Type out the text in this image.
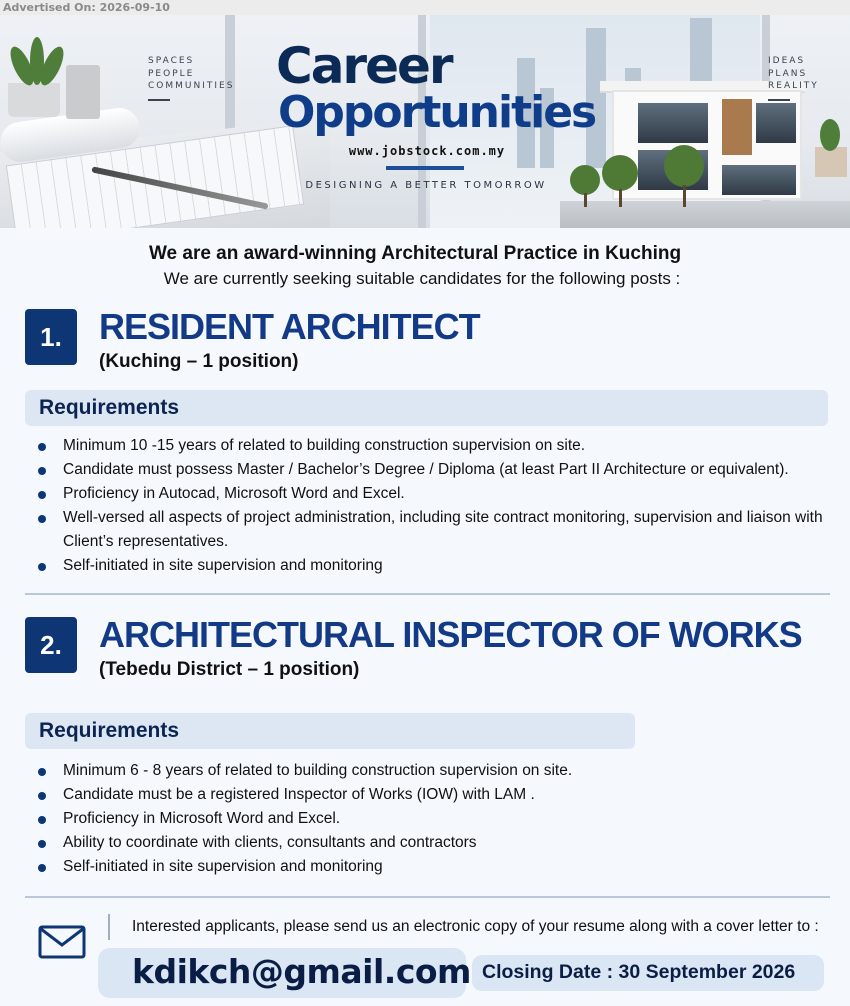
Advertised On: 2026-09-10
SPACES
PEOPLE
COMMUNITIES
IDEAS
PLANS
REALITY
Career
Opportunities
www.jobstock.com.my
DESIGNING A BETTER TOMORROW
We are an award-winning Architectural Practice in Kuching
We are currently seeking suitable candidates for the following posts :
1.	RESIDENT ARCHITECT
(Kuching – 1 position)
Requirements
Minimum 10 -15 years of related to building construction supervision on site.
Candidate must possess Master / Bachelor’s Degree / Diploma (at least Part II Architecture or equivalent).
Proficiency in Autocad, Microsoft Word and Excel.
Well-versed all aspects of project administration, including site contract monitoring, supervision and liaison with Client’s representatives.
Self-initiated in site supervision and monitoring
2.	ARCHITECTURAL INSPECTOR OF WORKS
(Tebedu District – 1 position)
Requirements
Minimum 6 - 8 years of related to building construction supervision on site.
Candidate must be a registered Inspector of Works (IOW) with LAM .
Proficiency in Microsoft Word and Excel.
Ability to coordinate with clients, consultants and contractors
Self-initiated in site supervision and monitoring
Interested applicants, please send us an electronic copy of your resume along with a cover letter to :
kdikch@gmail.com Closing Date : 30 September 2026
